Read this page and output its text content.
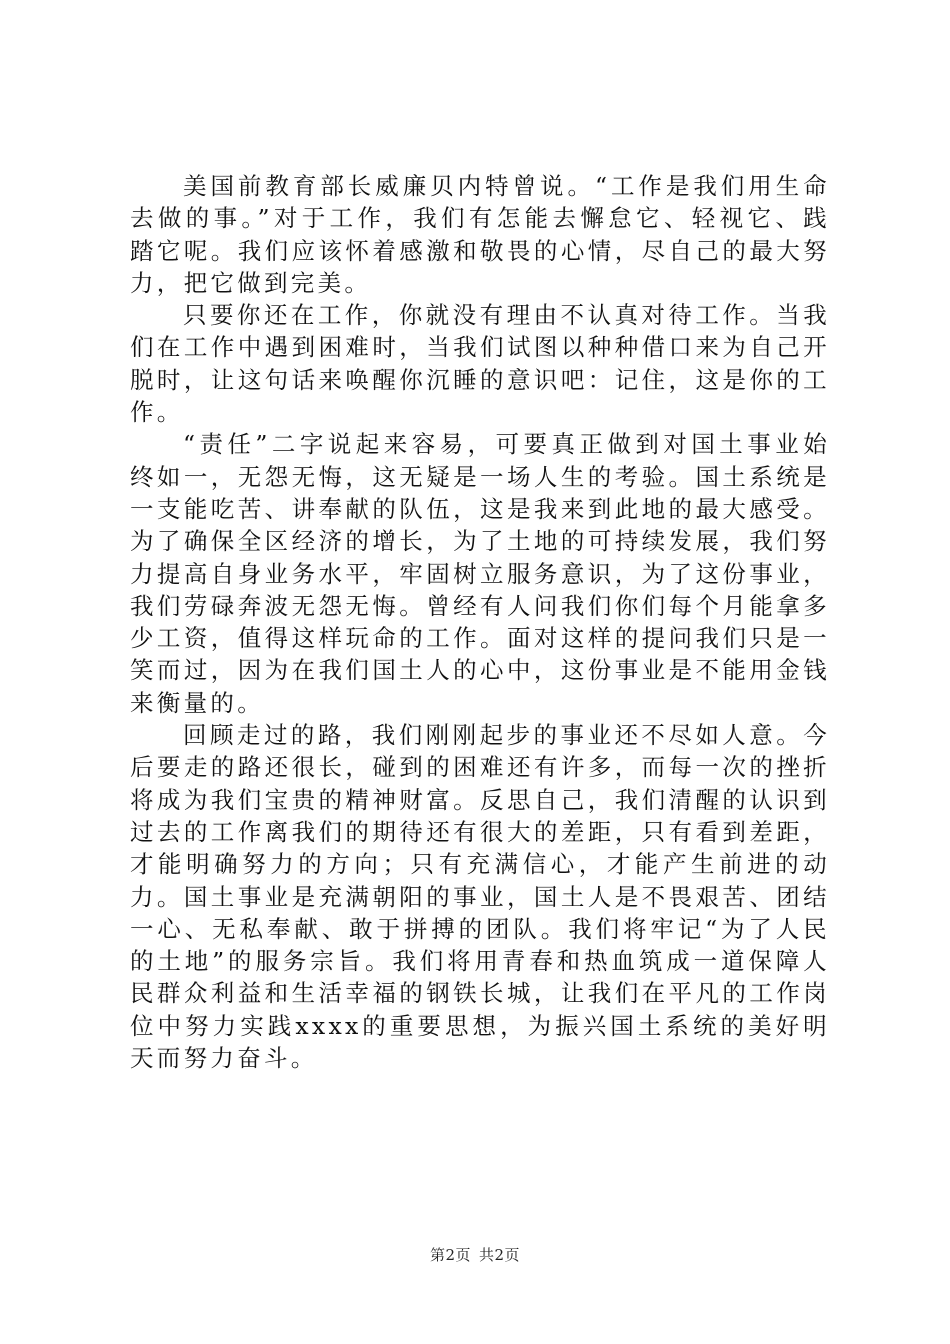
美国前教育部长威廉贝内特曾说。“工作是我们用生命去做的事。”对于工作，我们有怎能去懈怠它、轻视它、践踏它呢。我们应该怀着感激和敬畏的心情，尽自己的最大努力，把它做到完美。

只要你还在工作，你就没有理由不认真对待工作。当我们在工作中遇到困难时，当我们试图以种种借口来为自己开脱时，让这句话来唤醒你沉睡的意识吧：记住，这是你的工作。

“责任”二字说起来容易，可要真正做到对国土事业始终如一，无怨无悔，这无疑是一场人生的考验。国土系统是一支能吃苦、讲奉献的队伍，这是我来到此地的最大感受。为了确保全区经济的增长，为了土地的可持续发展，我们努力提高自身业务水平，牢固树立服务意识，为了这份事业，我们劳碌奔波无怨无悔。曾经有人问我们你们每个月能拿多少工资，值得这样玩命的工作。面对这样的提问我们只是一笑而过，因为在我们国土人的心中，这份事业是不能用金钱来衡量的。

回顾走过的路，我们刚刚起步的事业还不尽如人意。今后要走的路还很长，碰到的困难还有许多，而每一次的挫折将成为我们宝贵的精神财富。反思自己，我们清醒的认识到过去的工作离我们的期待还有很大的差距，只有看到差距，才能明确努力的方向；只有充满信心，才能产生前进的动力。国土事业是充满朝阳的事业，国土人是不畏艰苦、团结一心、无私奉献、敢于拼搏的团队。我们将牢记“为了人民的土地”的服务宗旨。我们将用青春和热血筑成一道保障人民群众利益和生活幸福的钢铁长城，让我们在平凡的工作岗位中努力实践xxxx的重要思想，为振兴国土系统的美好明天而努力奋斗。

第2页 共2页
